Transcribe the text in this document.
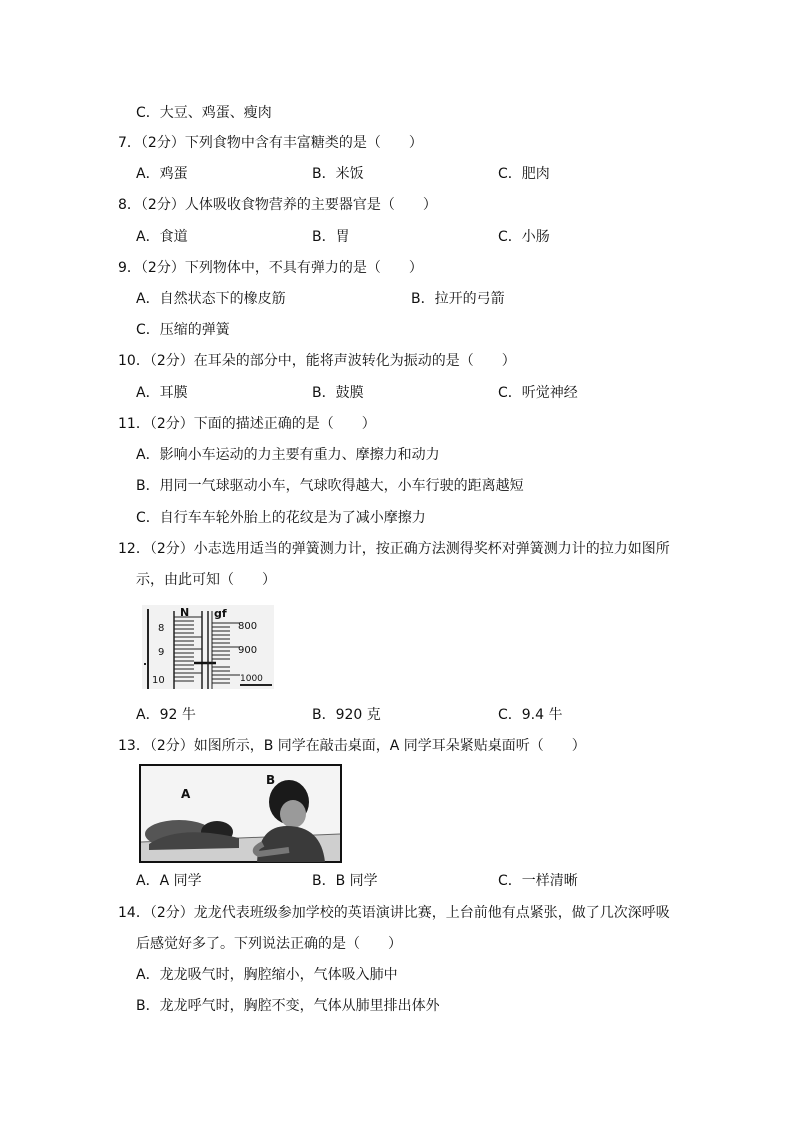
C．大豆、鸡蛋、瘦肉
7．（2分）下列食物中含有丰富糖类的是（　　）
A．鸡蛋	B．米饭	C．肥肉
8．（2分）人体吸收食物营养的主要器官是（　　）
A．食道	B．胃	C．小肠
9．（2分）下列物体中，不具有弹力的是（　　）
A．自然状态下的橡皮筋	B．拉开的弓箭
C．压缩的弹簧
10．（2分）在耳朵的部分中，能将声波转化为振动的是（　　）
A．耳膜	B．鼓膜	C．听觉神经
11．（2分）下面的描述正确的是（　　）
A．影响小车运动的力主要有重力、摩擦力和动力
B．用同一气球驱动小车，气球吹得越大，小车行驶的距离越短
C．自行车车轮外胎上的花纹是为了减小摩擦力
12．（2分）小志选用适当的弹簧测力计，按正确方法测得奖杯对弹簧测力计的拉力如图所
示，由此可知（　　）
N gf
8
9
10
800
900
1000
A．92 牛	B．920 克	C．9.4 牛
13．（2分）如图所示，B 同学在敲击桌面，A 同学耳朵紧贴桌面听（　　）
A
B
A．A 同学	B．B 同学	C．一样清晰
14．（2分）龙龙代表班级参加学校的英语演讲比赛，上台前他有点紧张，做了几次深呼吸
后感觉好多了。下列说法正确的是（　　）
A．龙龙吸气时，胸腔缩小，气体吸入肺中
B．龙龙呼气时，胸腔不变，气体从肺里排出体外
